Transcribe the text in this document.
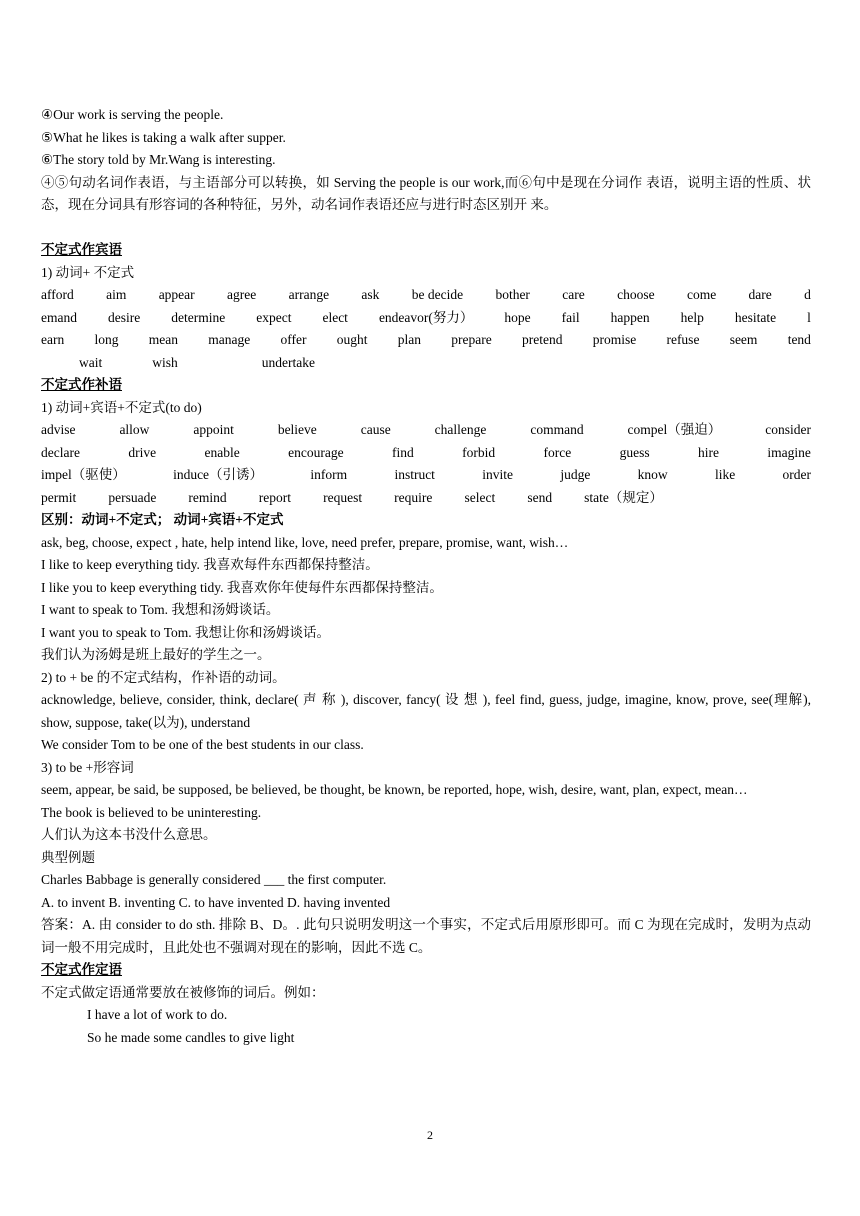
④Our work is serving the people.
⑤What he likes is taking a walk after supper.
⑥The story told by Mr.Wang is interesting.
④⑤句动名词作表语，与主语部分可以转换，如 Serving the people is our work,而⑥句中是现在分词作 表语，说明主语的性质、状态，现在分词具有形容词的各种特征，另外，动名词作表语还应与进行时态区别开 来。
不定式作宾语
1) 动词+ 不定式
afford aim appear agree arrange ask be decide bother care choose come dare d
emand desire determine expect elect endeavor(努力） hope fail happen help hesitate l
earn long mean manage offer ought plan prepare pretend promise refuse seem tend
wait	wish	undertake
不定式作补语
1) 动词+宾语+不定式(to do)
advise	allow	appoint	believe	cause	challenge	command	compel（强迫）	consider
declare	drive	enable	encourage	find	forbid	force	guess	hire	imagine
impel（驱使）	induce（引诱）	inform	instruct	invite	judge	know	like	order
permit persuade remind report request require select send state（规定）
区别：动词+不定式； 动词+宾语+不定式
ask, beg, choose, expect , hate, help intend like, love, need prefer, prepare, promise, want, wish…
I like to keep everything tidy. 我喜欢每件东西都保持整洁。
I like you to keep everything tidy. 我喜欢你年使每件东西都保持整洁。
I want to speak to Tom. 我想和汤姆谈话。
I want you to speak to Tom. 我想让你和汤姆谈话。
我们认为汤姆是班上最好的学生之一。
2) to + be 的不定式结构，作补语的动词。
acknowledge, believe, consider, think, declare( 声 称 ), discover, fancy( 设 想 ), feel find, guess, judge, imagine, know, prove, see(理解), show, suppose, take(以为), understand
We consider Tom to be one of the best students in our class.
3) to be +形容词
seem, appear, be said, be supposed, be believed, be thought, be known, be reported, hope, wish, desire, want, plan, expect, mean…
The book is believed to be uninteresting.
人们认为这本书没什么意思。
典型例题
Charles Babbage is generally considered ___ the first computer.
A. to invent B. inventing C. to have invented D. having invented
答案：A. 由 consider to do sth. 排除 B、D。. 此句只说明发明这一个事实，不定式后用原形即可。而 C 为现在完成时，发明为点动词一般不用完成时，且此处也不强调对现在的影响，因此不选 C。
不定式作定语
不定式做定语通常要放在被修饰的词后。例如：
I have a lot of work to do.
So he made some candles to give light
2
